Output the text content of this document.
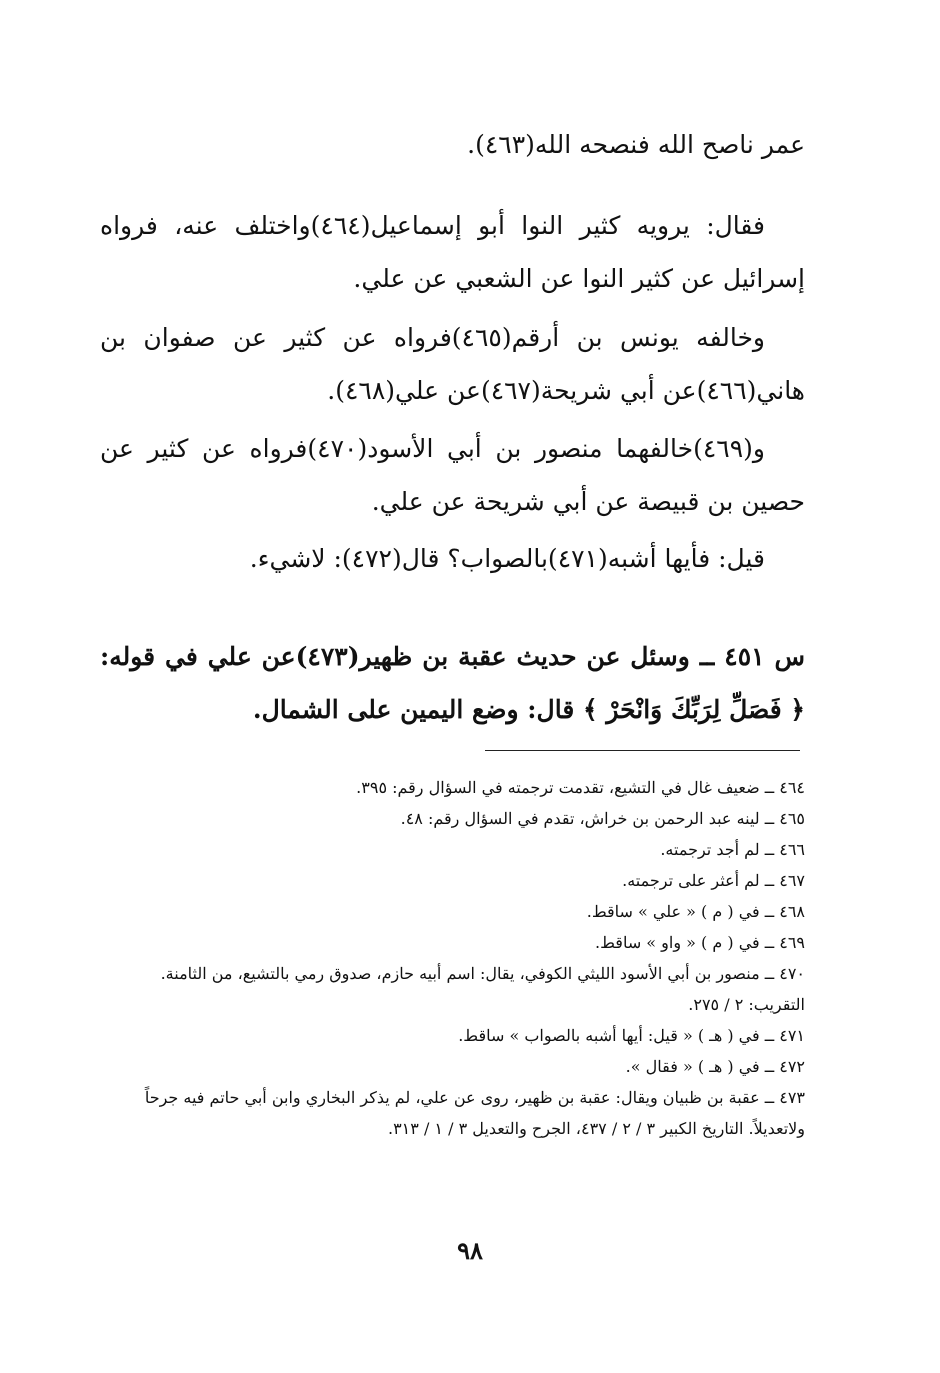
عمر ناصح الله فنصحه الله(٤٦٣).

فقال: يرويه كثير النوا أبو إسماعيل(٤٦٤)واختلف عنه، فرواه إسرائيل عن كثير النوا عن الشعبي عن علي.

وخالفه يونس بن أرقم(٤٦٥)فرواه عن كثير عن صفوان بن هاني(٤٦٦)عن أبي شريحة(٤٦٧)عن علي(٤٦٨).

و(٤٦٩)خالفهما منصور بن أبي الأسود(٤٧٠)فرواه عن كثير عن حصين بن قبيصة عن أبي شريحة عن علي.

قيل: فأيها أشبه(٤٧١)بالصواب؟ قال(٤٧٢): لاشيء.

س ٤٥١ ــ وسئل عن حديث عقبة بن ظهير(٤٧٣)عن علي في قوله: ﴿ فَصَلِّ لِرَبِّكَ وَانْحَرْ ﴾ قال: وضع اليمين على الشمال.

٤٦٤ ــ ضعيف غال في التشيع، تقدمت ترجمته في السؤال رقم: ٣٩٥.
٤٦٥ ــ لينه عبد الرحمن بن خراش، تقدم في السؤال رقم: ٤٨.
٤٦٦ ــ لم أجد ترجمته.
٤٦٧ ــ لم أعثر على ترجمته.
٤٦٨ ــ في ( م ) « علي » ساقط.
٤٦٩ ــ في ( م ) « واو » ساقط.
٤٧٠ ــ منصور بن أبي الأسود الليثي الكوفي، يقال: اسم أبيه حازم، صدوق رمي بالتشيع، من الثامنة. التقريب: ٢ / ٢٧٥.
٤٧١ ــ في ( هـ ) « قيل: أيها أشبه بالصواب » ساقط.
٤٧٢ ــ في ( هـ ) « فقال ».
٤٧٣ ــ عقبة بن ظبيان ويقال: عقبة بن ظهير، روى عن علي، لم يذكر البخاري وابن أبي حاتم فيه جرحاً ولاتعديلاً. التاريخ الكبير ٣ / ٢ / ٤٣٧، الجرح والتعديل ٣ / ١ / ٣١٣.
٩٨
